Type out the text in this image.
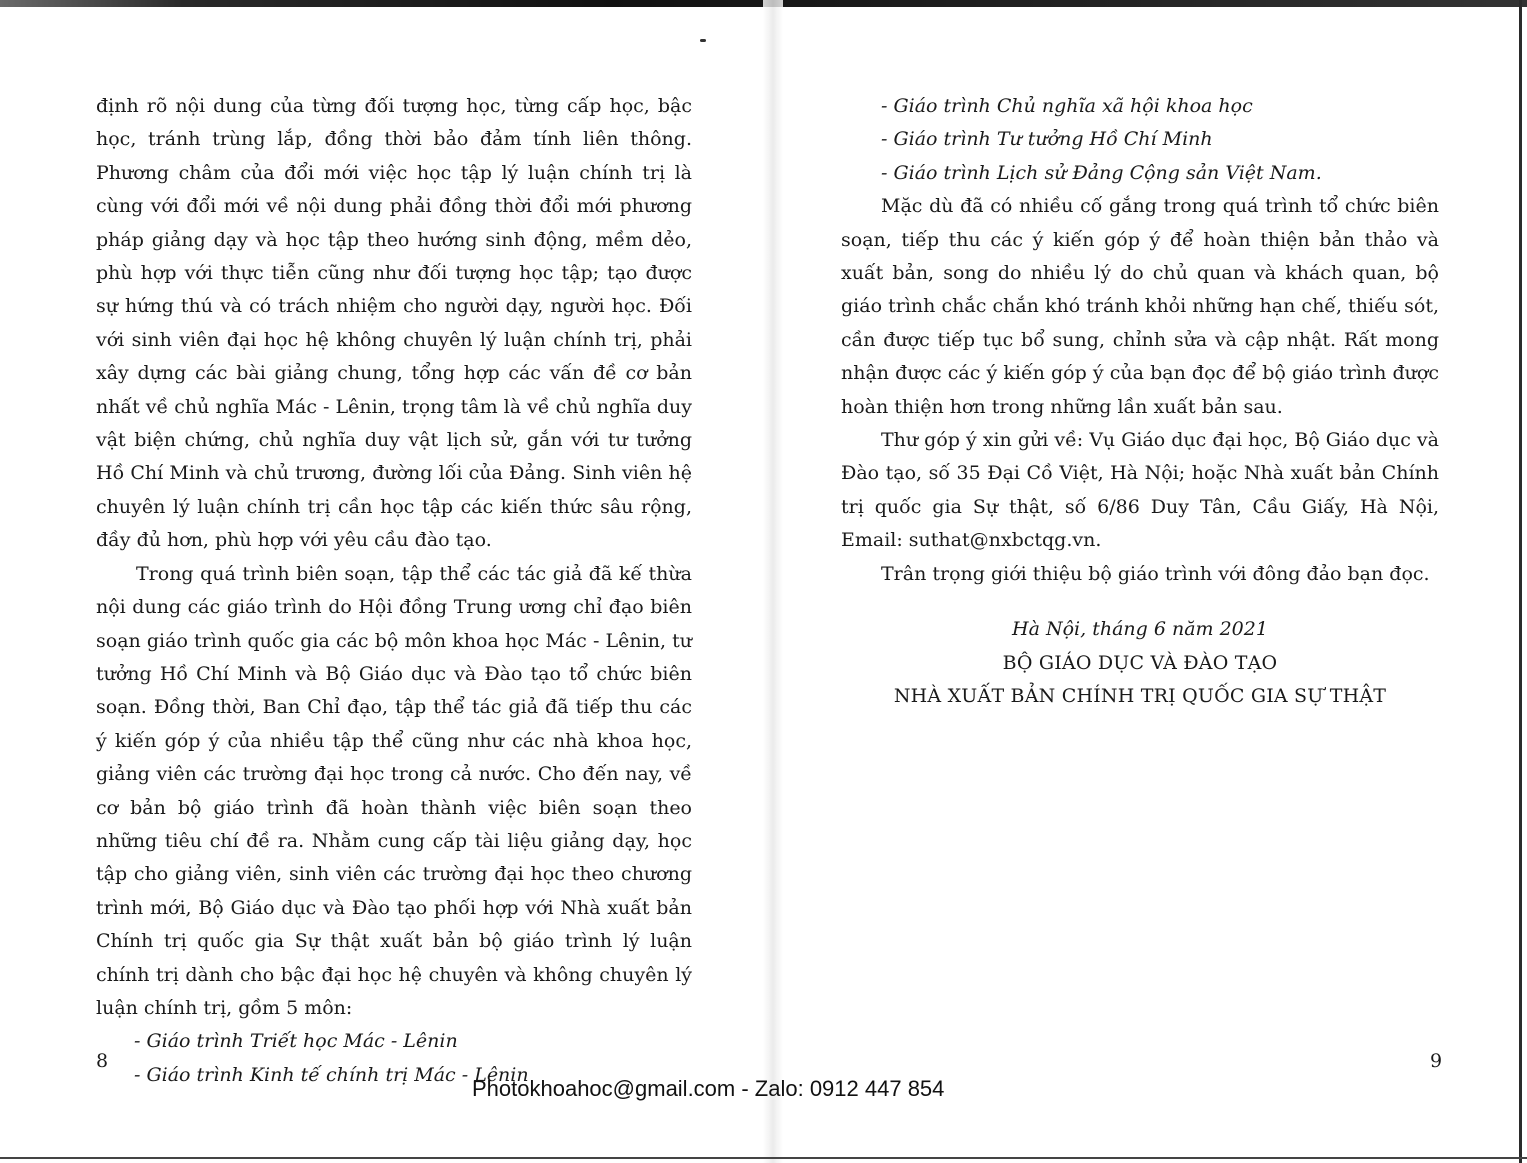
định rõ nội dung của từng đối tượng học, từng cấp học, bậc học, tránh trùng lắp, đồng thời bảo đảm tính liên thông. Phương châm của đổi mới việc học tập lý luận chính trị là cùng với đổi mới về nội dung phải đồng thời đổi mới phương pháp giảng dạy và học tập theo hướng sinh động, mềm dẻo, phù hợp với thực tiễn cũng như đối tượng học tập; tạo được sự hứng thú và có trách nhiệm cho người dạy, người học. Đối với sinh viên đại học hệ không chuyên lý luận chính trị, phải xây dựng các bài giảng chung, tổng hợp các vấn đề cơ bản nhất về chủ nghĩa Mác - Lênin, trọng tâm là về chủ nghĩa duy vật biện chứng, chủ nghĩa duy vật lịch sử, gắn với tư tưởng Hồ Chí Minh và chủ trương, đường lối của Đảng. Sinh viên hệ chuyên lý luận chính trị cần học tập các kiến thức sâu rộng, đầy đủ hơn, phù hợp với yêu cầu đào tạo.

Trong quá trình biên soạn, tập thể các tác giả đã kế thừa nội dung các giáo trình do Hội đồng Trung ương chỉ đạo biên soạn giáo trình quốc gia các bộ môn khoa học Mác - Lênin, tư tưởng Hồ Chí Minh và Bộ Giáo dục và Đào tạo tổ chức biên soạn. Đồng thời, Ban Chỉ đạo, tập thể tác giả đã tiếp thu các ý kiến góp ý của nhiều tập thể cũng như các nhà khoa học, giảng viên các trường đại học trong cả nước. Cho đến nay, về cơ bản bộ giáo trình đã hoàn thành việc biên soạn theo những tiêu chí đề ra. Nhằm cung cấp tài liệu giảng dạy, học tập cho giảng viên, sinh viên các trường đại học theo chương trình mới, Bộ Giáo dục và Đào tạo phối hợp với Nhà xuất bản Chính trị quốc gia Sự thật xuất bản bộ giáo trình lý luận chính trị dành cho bậc đại học hệ chuyên và không chuyên lý luận chính trị, gồm 5 môn:

- Giáo trình Triết học Mác - Lênin

- Giáo trình Kinh tế chính trị Mác - Lênin

- Giáo trình Chủ nghĩa xã hội khoa học

- Giáo trình Tư tưởng Hồ Chí Minh

- Giáo trình Lịch sử Đảng Cộng sản Việt Nam.

Mặc dù đã có nhiều cố gắng trong quá trình tổ chức biên soạn, tiếp thu các ý kiến góp ý để hoàn thiện bản thảo và xuất bản, song do nhiều lý do chủ quan và khách quan, bộ giáo trình chắc chắn khó tránh khỏi những hạn chế, thiếu sót, cần được tiếp tục bổ sung, chỉnh sửa và cập nhật. Rất mong nhận được các ý kiến góp ý của bạn đọc để bộ giáo trình được hoàn thiện hơn trong những lần xuất bản sau.

Thư góp ý xin gửi về: Vụ Giáo dục đại học, Bộ Giáo dục và Đào tạo, số 35 Đại Cồ Việt, Hà Nội; hoặc Nhà xuất bản Chính trị quốc gia Sự thật, số 6/86 Duy Tân, Cầu Giấy, Hà Nội, Email: suthat@nxbctqg.vn.

Trân trọng giới thiệu bộ giáo trình với đông đảo bạn đọc.

Hà Nội, tháng 6 năm 2021
BỘ GIÁO DỤC VÀ ĐÀO TẠO
NHÀ XUẤT BẢN CHÍNH TRỊ QUỐC GIA SỰ THẬT
8	9
Photokhoahoc@gmail.com - Zalo: 0912 447 854
